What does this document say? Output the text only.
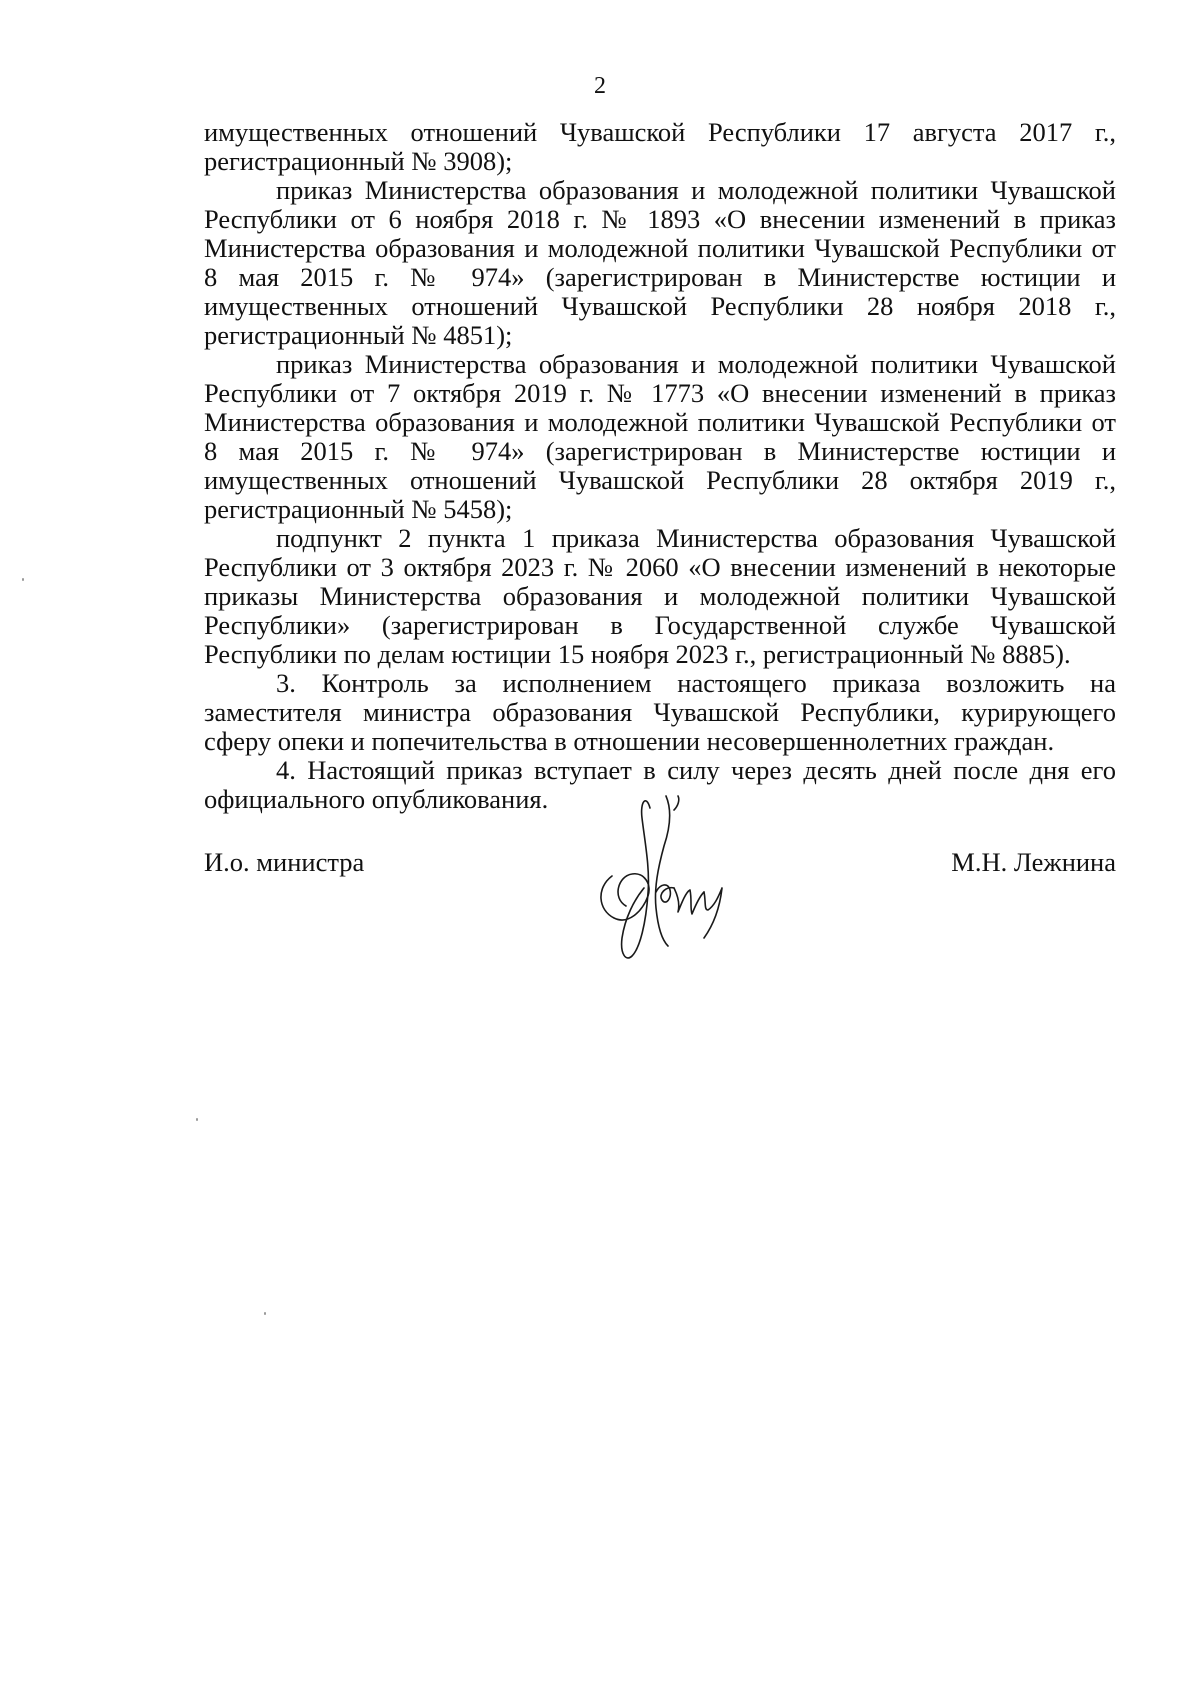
2

имущественных отношений Чувашской Республики 17 августа 2017 г., регистрационный № 3908);

приказ Министерства образования и молодежной политики Чувашской Республики от 6 ноября 2018 г. № 1893 «О внесении изменений в приказ Министерства образования и молодежной политики Чувашской Республики от 8 мая 2015 г. № 974» (зарегистрирован в Министерстве юстиции и имущественных отношений Чувашской Республики 28 ноября 2018 г., регистрационный № 4851);

приказ Министерства образования и молодежной политики Чувашской Республики от 7 октября 2019 г. № 1773 «О внесении изменений в приказ Министерства образования и молодежной политики Чувашской Республики от 8 мая 2015 г. № 974» (зарегистрирован в Министерстве юстиции и имущественных отношений Чувашской Республики 28 октября 2019 г., регистрационный № 5458);

подпункт 2 пункта 1 приказа Министерства образования Чувашской Республики от 3 октября 2023 г. № 2060 «О внесении изменений в некоторые приказы Министерства образования и молодежной политики Чувашской Республики» (зарегистрирован в Государственной службе Чувашской Республики по делам юстиции 15 ноября 2023 г., регистрационный № 8885).

3. Контроль за исполнением настоящего приказа возложить на заместителя министра образования Чувашской Республики, курирующего сферу опеки и попечительства в отношении несовершеннолетних граждан.

4. Настоящий приказ вступает в силу через десять дней после дня его официального опубликования.

И.о. министра	М.Н. Лежнина
